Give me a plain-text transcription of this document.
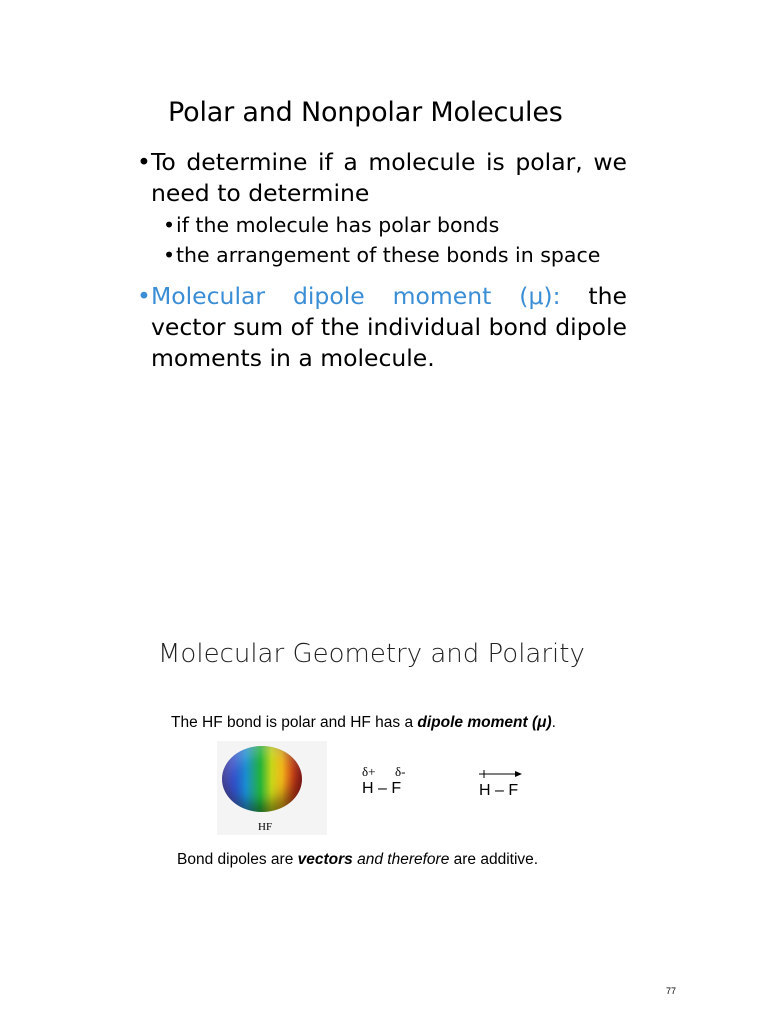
Polar and Nonpolar Molecules
• To determine if a molecule is polar, we need to determine
•if the molecule has polar bonds
•the arrangement of these bonds in space
• Molecular dipole moment (μ): the vector sum of the individual bond dipole moments in a molecule.
Molecular Geometry and Polarity
The HF bond is polar and HF has a dipole moment (μ).
HF
δ+ δ-
H – F	H – F
Bond dipoles are vectors and therefore are additive.
77
